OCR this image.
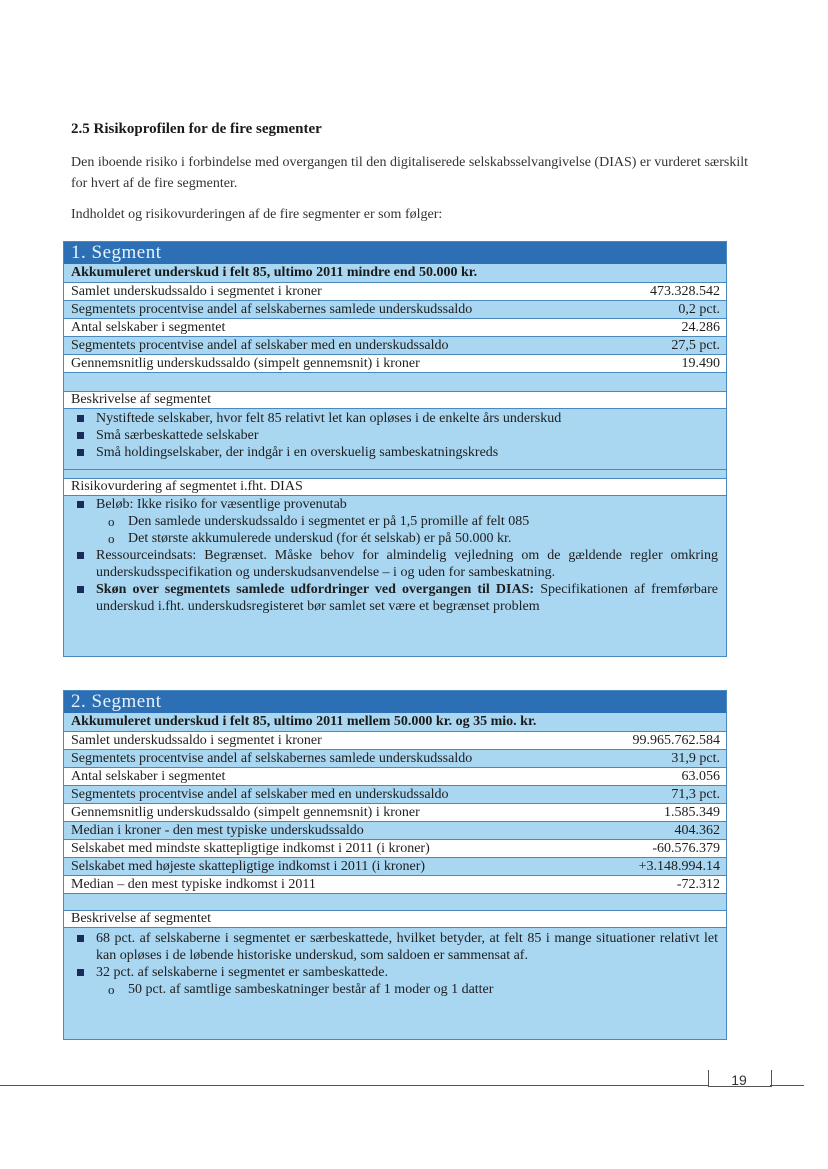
2.5 Risikoprofilen for de fire segmenter
Den iboende risiko i forbindelse med overgangen til den digitaliserede selskabsselvangivelse (DIAS) er vurderet særskilt for hvert af de fire segmenter.
Indholdet og risikovurderingen af de fire segmenter er som følger:
1. Segment
Akkumuleret underskud i felt 85, ultimo 2011 mindre end 50.000 kr.
Samlet underskudssaldo i segmentet i kroner	473.328.542
Segmentets procentvise andel af selskabernes samlede underskudssaldo	0,2 pct.
Antal selskaber i segmentet	24.286
Segmentets procentvise andel af selskaber med en underskudssaldo	27,5 pct.
Gennemsnitlig underskudssaldo (simpelt gennemsnit) i kroner	19.490
Beskrivelse af segmentet
Nystiftede selskaber, hvor felt 85 relativt let kan opløses i de enkelte års underskud
Små særbeskattede selskaber
Små holdingselskaber, der indgår i en overskuelig sambeskatningskreds
Risikovurdering af segmentet i.fht. DIAS
Beløb: Ikke risiko for væsentlige provenutab
o Den samlede underskudssaldo i segmentet er på 1,5 promille af felt 085
o Det største akkumulerede underskud (for ét selskab) er på 50.000 kr.
Ressourceindsats: Begrænset. Måske behov for almindelig vejledning om de gældende regler omkring underskudsspecifikation og underskudsanvendelse – i og uden for sambeskatning.
Skøn over segmentets samlede udfordringer ved overgangen til DIAS: Specifikationen af fremførbare underskud i.fht. underskudsregisteret bør samlet set være et begrænset problem
2. Segment
Akkumuleret underskud i felt 85, ultimo 2011 mellem 50.000 kr. og 35 mio. kr.
Samlet underskudssaldo i segmentet i kroner	99.965.762.584
Segmentets procentvise andel af selskabernes samlede underskudssaldo	31,9 pct.
Antal selskaber i segmentet	63.056
Segmentets procentvise andel af selskaber med en underskudssaldo	71,3 pct.
Gennemsnitlig underskudssaldo (simpelt gennemsnit) i kroner	1.585.349
Median i kroner - den mest typiske underskudssaldo	404.362
Selskabet med mindste skattepligtige indkomst i 2011 (i kroner)	-60.576.379
Selskabet med højeste skattepligtige indkomst i 2011 (i kroner)	+3.148.994.14
Median – den mest typiske indkomst i 2011	-72.312
Beskrivelse af segmentet
68 pct. af selskaberne i segmentet er særbeskattede, hvilket betyder, at felt 85 i mange situationer relativt let kan opløses i de løbende historiske underskud, som saldoen er sammensat af.
32 pct. af selskaberne i segmentet er sambeskattede.
o 50 pct. af samtlige sambeskatninger består af 1 moder og 1 datter
19
